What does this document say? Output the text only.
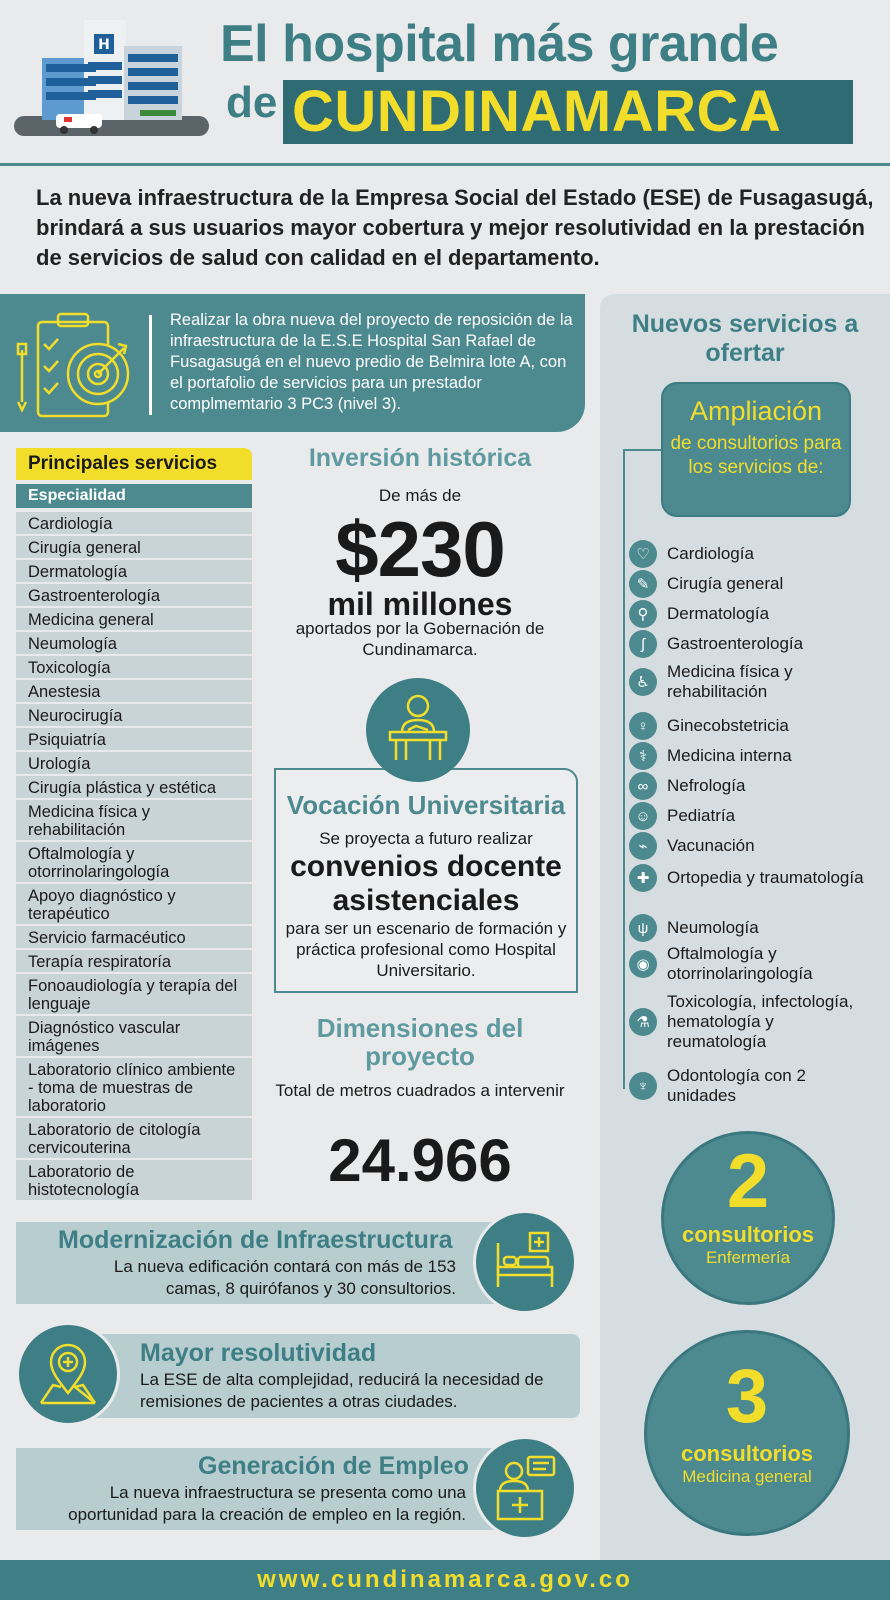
H El hospital más grande
de CUNDINAMARCA
La nueva infraestructura de la Empresa Social del Estado (ESE) de Fusagasugá, brindará a sus usuarios mayor cobertura y mejor resolutividad en la prestación de servicios de salud con calidad en el departamento.
Nuevos servicios a ofertar
Ampliación
de consultorios para los servicios de:
♡	Cardiología
✎	Cirugía general
⚲	Dermatología
ʃ	Gastroenterología
♿
Medicina física y rehabilitación
♀	Ginecobstetricia
⚕	Medicina interna
∞	Nefrología
☺ Pediatría
⌁	Vacunación
✚	Ortopedia y traumatología
ψ	Neumología
◉
Oftalmología y otorrinolaringología
⚗
Toxicología, infectología, hematología y reumatología
♆
Odontología con 2 unidades
2
consultorios
Enfermería
3
consultorios
Medicina general
Realizar la obra nueva del proyecto de reposición de la infraestructura de la E.S.E Hospital San Rafael de Fusagasugá en el nuevo predio de Belmira lote A, con el portafolio de servicios para un prestador complmemtario 3 PC3 (nivel 3).
Principales servicios
Especialidad
Cardiología
Cirugía general
Dermatología
Gastroenterología
Medicina general
Neumología
Toxicología
Anestesia
Neurocirugía
Psiquiatría
Urología
Cirugía plástica y estética
Medicina física y rehabilitación
Oftalmología y otorrinolaringología
Apoyo diagnóstico y terapéutico
Servicio farmacéutico
Terapía respiratoría
Fonoaudiología y terapía del lenguaje
Diagnóstico vascular imágenes
Laboratorio clínico ambiente - toma de muestras de laboratorio
Laboratorio de citología cervicouterina
Laboratorio de histotecnología
Inversión histórica
De más de
$230
mil millones
aportados por la Gobernación de Cundinamarca.
Vocación Universitaria
Se proyecta a futuro realizar
convenios docente asistenciales
para ser un escenario de formación y práctica profesional como Hospital Universitario.
Dimensiones del proyecto
Total de metros cuadrados a intervenir
24.966
Modernización de Infraestructura
La nueva edificación contará con más de 153 camas, 8 quirófanos y 30 consultorios.
Mayor resolutividad
La ESE de alta complejidad, reducirá la necesidad de remisiones de pacientes a otras ciudades.
Generación de Empleo
La nueva infraestructura se presenta como una oportunidad para la creación de empleo en la región.
www.cundinamarca.gov.co
